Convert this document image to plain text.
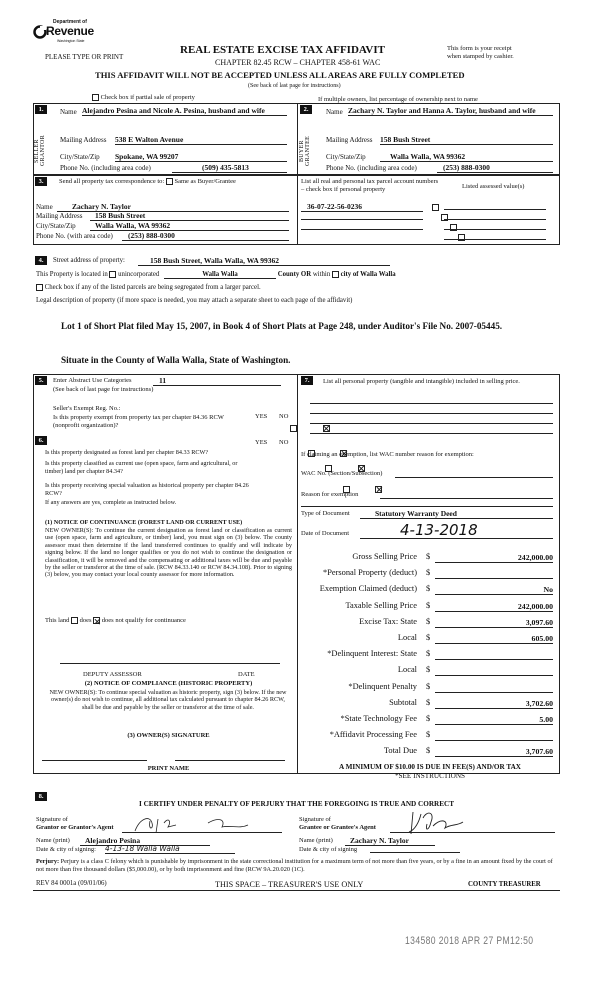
Department of
Revenue
Washington State
PLEASE TYPE OR PRINT
REAL ESTATE EXCISE TAX AFFIDAVIT
CHAPTER 82.45 RCW – CHAPTER 458-61 WAC
This form is your receipt
when stamped by cashier.
THIS AFFIDAVIT WILL NOT BE ACCEPTED UNLESS ALL AREAS ARE FULLY COMPLETED
(See back of last page for instructions)
Check box if partial sale of property	If multiple owners, list percentage of ownership next to name
1.
SELLER GRANTOR
Name Alejandro Pesina and Nicole A. Pesina, husband and wife
Mailing Address 538 E Walton Avenue
City/State/Zip Spokane, WA 99207
Phone No. (including area code)	(509) 435-5813
2.
BUYER GRANTEE
Name Zachary N. Taylor and Hanna A. Taylor, husband and wife
Mailing Address 158 Bush Street
City/State/Zip	Walla Walla, WA 99362
Phone No. (including area code)	(253) 888-0300
3.	Send all property tax correspondence to: Same as Buyer/Grantee	List all real and personal tax parcel account numbers – check box if personal property	Listed assessed value(s)
Name	Zachary N. Taylor
Mailing Address	158 Bush Street
City/State/Zip	Walla Walla, WA 99362
Phone No. (with area code)	(253) 888-0300
36-07-22-56-0236

4.	Street address of property:	158 Bush Street, Walla Walla, WA 99362
This Property is located in unincorporated	Walla Walla	County OR within city of Walla Walla
Check box if any of the listed parcels are being segregated from a larger parcel.
Legal description of property (if more space is needed, you may attach a separate sheet to each page of the affidavit)
Lot 1 of Short Plat filed May 15, 2007, in Book 4 of Short Plats at Page 248, under Auditor's File No. 2007-05445.
Situate in the County of Walla Walla, State of Washington.
5.	Enter Abstract Use Categories	11
(See back of last page for instructions)
Seller's Exempt Reg. No.:
YES NO
Is this property exempt from property tax per chapter 84.36 RCW (nonprofit organization)?

6.	YES NO
Is this property designated as forest land per chapter 84.33 RCW?

Is this property classified as current use (open space, farm and agricultural, or timber) land per chapter 84.34?

Is this property receiving special valuation as historical property per chapter 84.26 RCW?

If any answers are yes, complete as instructed below.
(1) NOTICE OF CONTINUANCE (FOREST LAND OR CURRENT USE)
NEW OWNER(S): To continue the current designation as forest land or classification as current use (open space, farm and agriculture, or timber) land, you must sign on (3) below. The county assessor must then determine if the land transferred continues to qualify and will indicate by signing below. If the land no longer qualifies or you do not wish to continue the designation or classification, it will be removed and the compensating or additional taxes will be due and payable by the seller or transferor at the time of sale. (RCW 84.33.140 or RCW 84.34.108). Prior to signing (3) below, you may contact your local county assessor for more information.
This land does does not qualify for continuance
DEPUTY ASSESSOR	DATE
(2) NOTICE OF COMPLIANCE (HISTORIC PROPERTY)
NEW OWNER(S): To continue special valuation as historic property, sign (3) below. If the new owner(s) do not wish to continue, all additional tax calculated pursuant to chapter 84.26 RCW, shall be due and payable by the seller or transferor at the time of sale.
(3) OWNER(S) SIGNATURE
PRINT NAME
7.	List all personal property (tangible and intangible) included in selling price.
If claiming an exemption, list WAC number reason for exemption:
WAC No. (Section/Subsection)
Reason for exemption
Type of Document	Statutory Warranty Deed
Date of Document	4-13-2018
Gross Selling Price $	242,000.00
*Personal Property (deduct) $
Exemption Claimed (deduct) $	No
Taxable Selling Price $	242,000.00
Excise Tax: State $	3,097.60
Local $	605.00
*Delinquent Interest: State $
Local $
*Delinquent Penalty $
Subtotal $	3,702.60
*State Technology Fee $	5.00
*Affidavit Processing Fee $
Total Due $	3,707.60
A MINIMUM OF $10.00 IS DUE IN FEE(S) AND/OR TAX
*SEE INSTRUCTIONS
8.
I CERTIFY UNDER PENALTY OF PERJURY THAT THE FOREGOING IS TRUE AND CORRECT
Signature of
Grantor or Grantor's Agent
Name (print)	Alejandro Pesina
Date & city of signing: 4-13-18 Walla Walla
Signature of
Grantee or Grantee's Agent
Name (print)	Zachary N. Taylor
Date & city of signing
Perjury: Perjury is a class C felony which is punishable by imprisonment in the state correctional institution for a maximum term of not more than five years, or by a fine in an amount fixed by the court of not more than five thousand dollars ($5,000.00), or by both imprisonment and fine (RCW 9A.20.020 (1C).
REV 84 0001a (09/01/06)	THIS SPACE – TREASURER'S USE ONLY	COUNTY TREASURER
134580 2018 APR 27 PM12:50
